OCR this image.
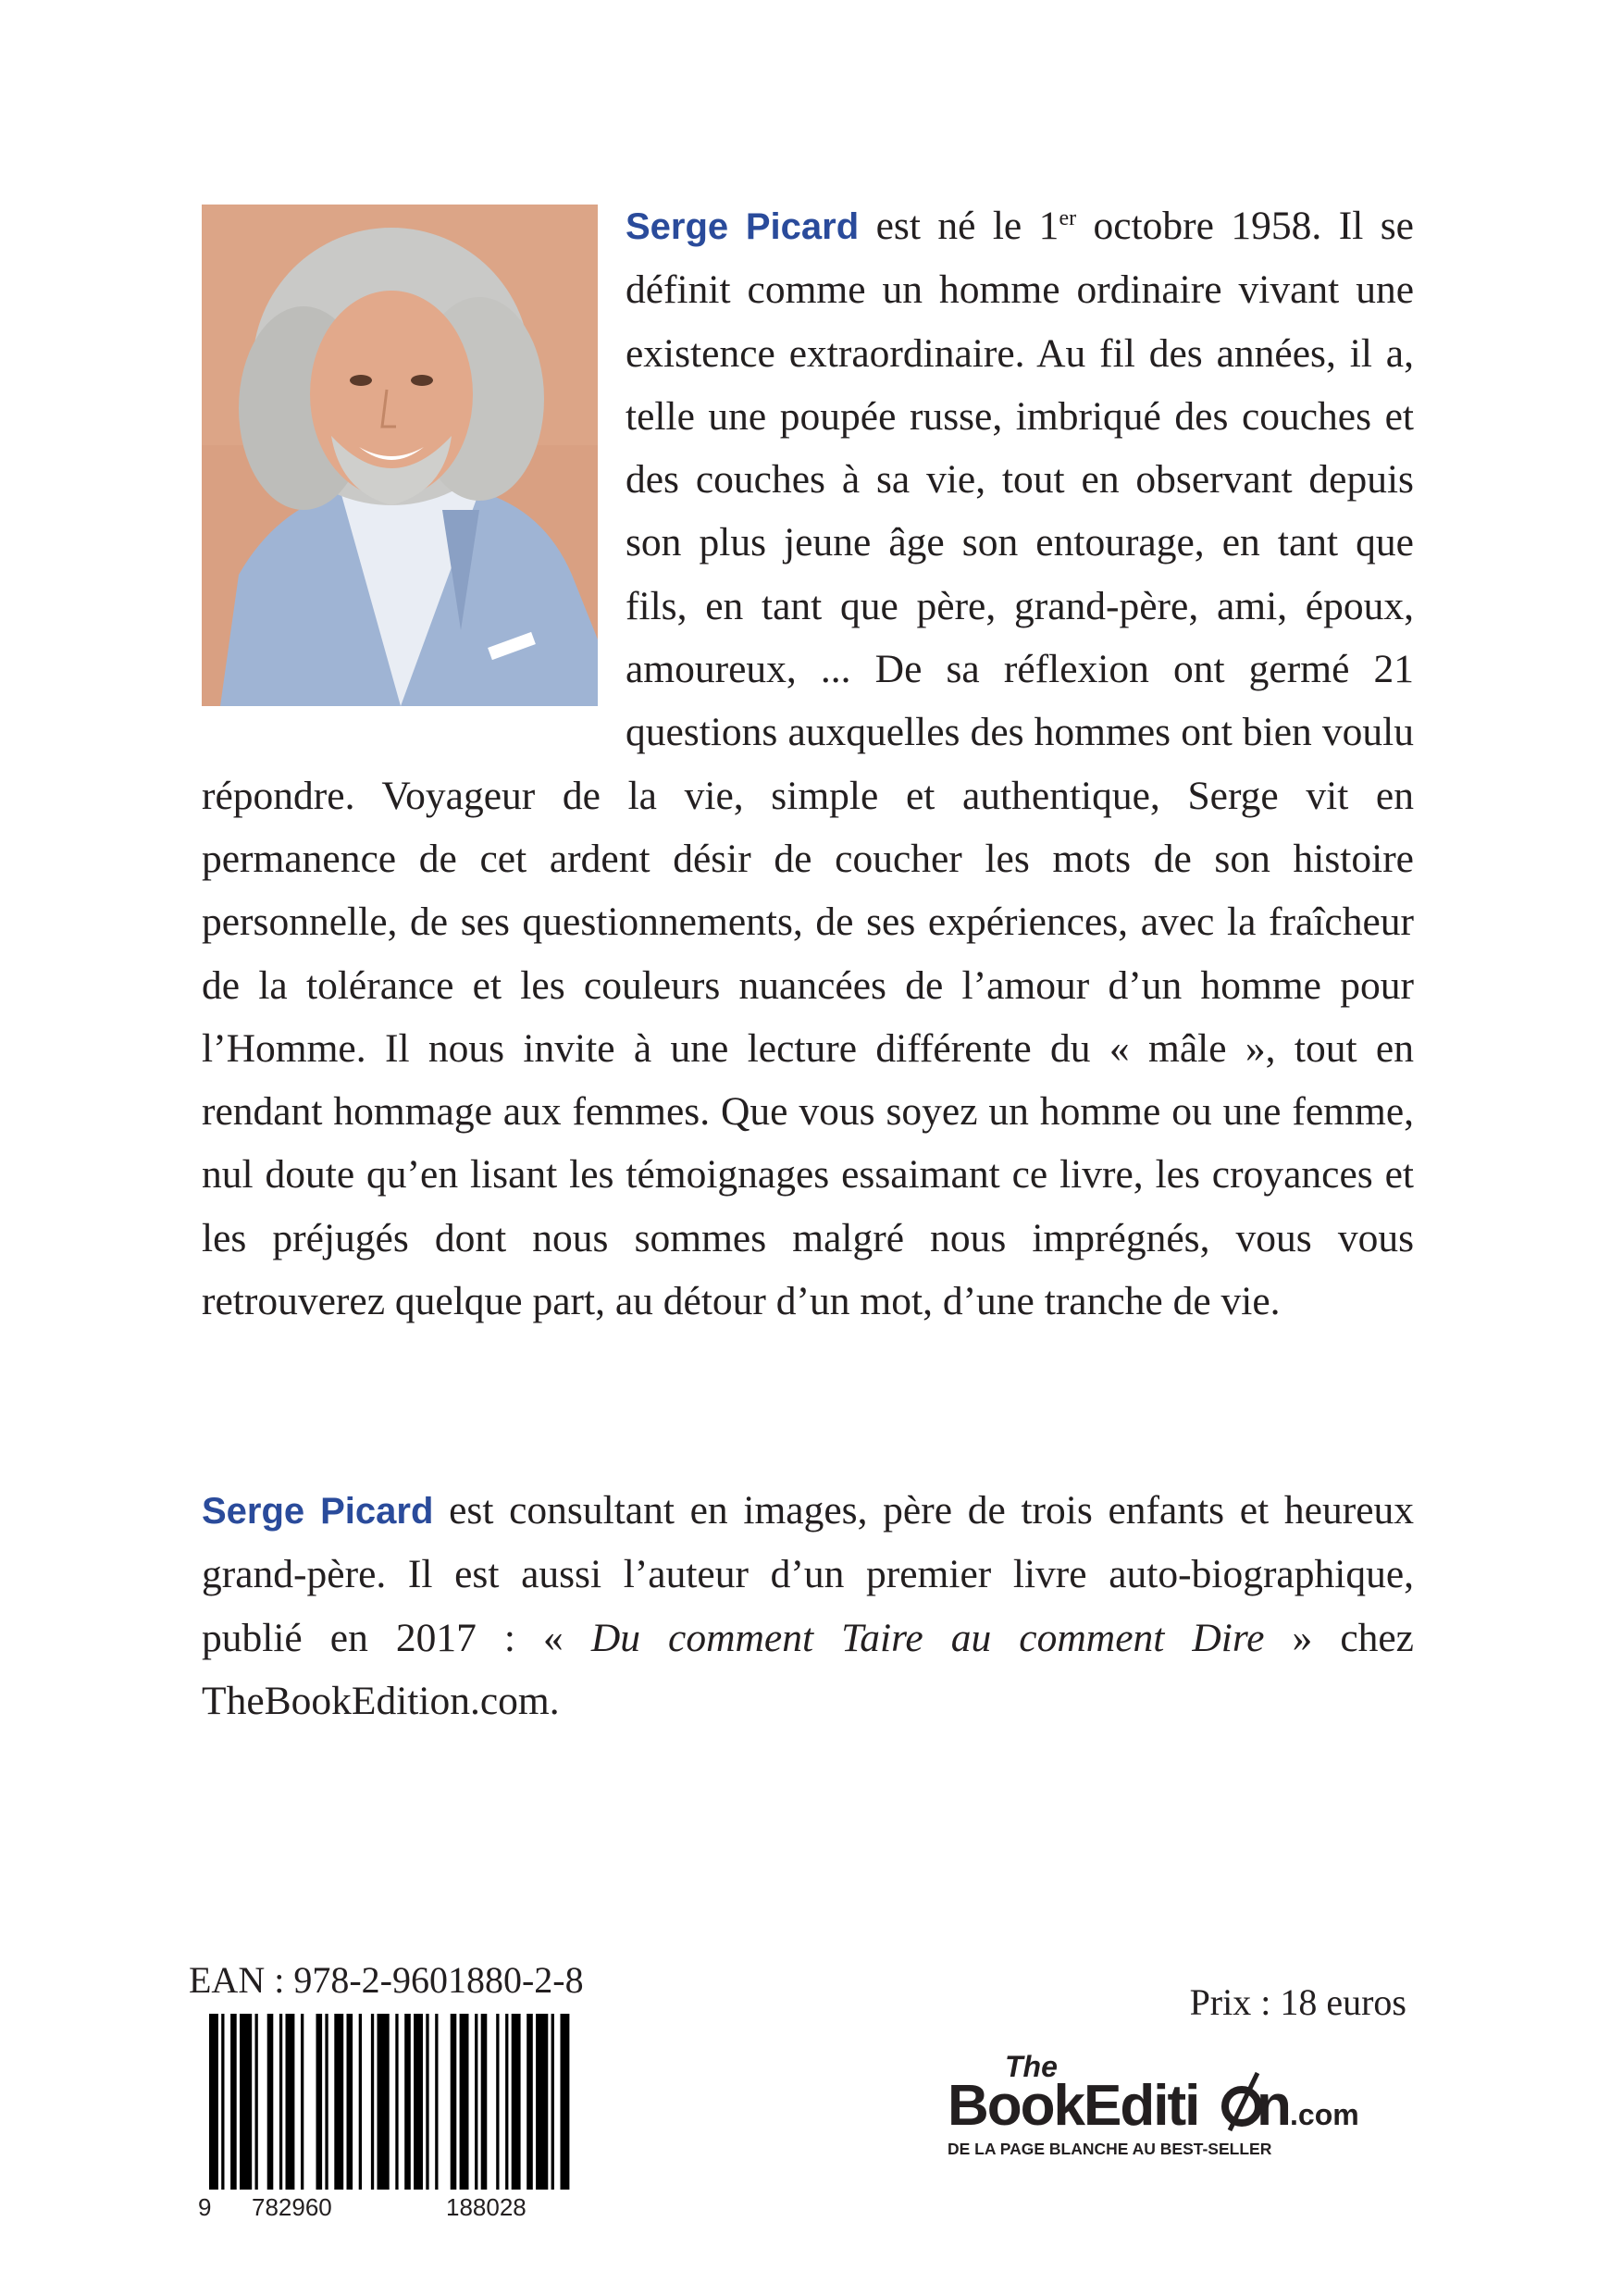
Serge Picard est né le 1er octobre 1958. Il se définit comme un homme ordinaire vivant une existence extraordinaire. Au fil des années, il a, telle une poupée russe, imbriqué des couches et des couches à sa vie, tout en observant depuis son plus jeune âge son entourage, en tant que fils, en tant que père, grand-père, ami, époux, amoureux, ... De sa réflexion ont germé 21 questions auxquelles des hommes ont bien voulu répondre. Voyageur de la vie, simple et authentique, Serge vit en permanence de cet ardent désir de coucher les mots de son histoire personnelle, de ses questionnements, de ses expériences, avec la fraîcheur de la tolérance et les couleurs nuancées de l’amour d’un homme pour l’Homme. Il nous invite à une lecture différente du « mâle », tout en rendant hommage aux femmes. Que vous soyez un homme ou une femme, nul doute qu’en lisant les témoignages essaimant ce livre, les croyances et les préjugés dont nous sommes malgré nous imprégnés, vous vous retrouverez quelque part, au détour d’un mot, d’une tranche de vie.

Serge Picard est consultant en images, père de trois enfants et heureux grand-père. Il est aussi l’auteur d’un premier livre auto-biographique, publié en 2017 : « Du comment Taire au comment Dire » chez TheBookEdition.com.

EAN : 978-2-9601880-2-8

9 782960	188028

Prix : 18 euros

The
BookEditi n
.com
DE LA PAGE BLANCHE AU BEST-SELLER
